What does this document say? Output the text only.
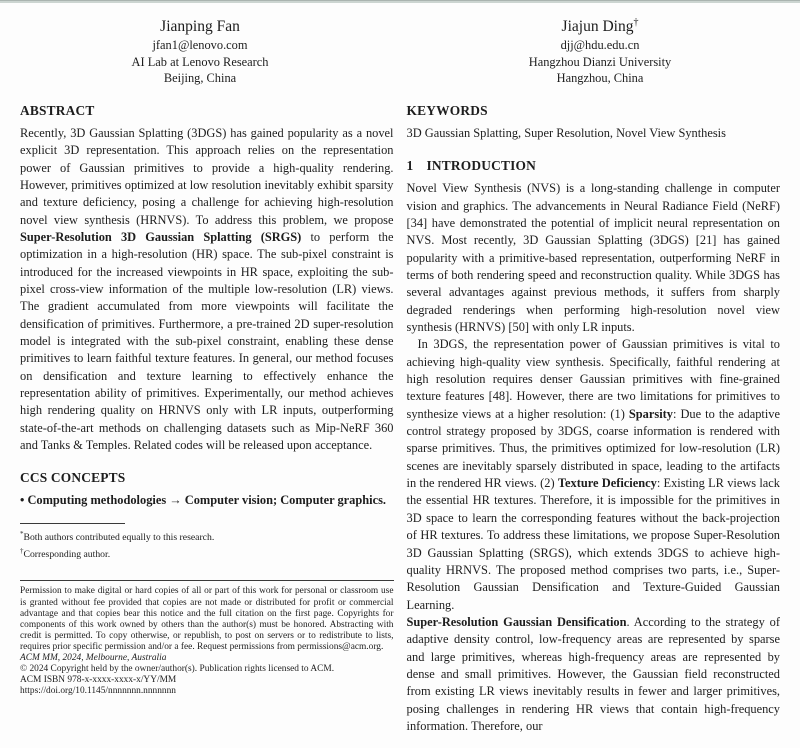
Jianping Fan
jfan1@lenovo.com
AI Lab at Lenovo Research
Beijing, China
Jiajun Ding†
djj@hdu.edu.cn
Hangzhou Dianzi University
Hangzhou, China
ABSTRACT

Recently, 3D Gaussian Splatting (3DGS) has gained popularity as a novel explicit 3D representation. This approach relies on the representation power of Gaussian primitives to provide a high-quality rendering. However, primitives optimized at low resolution inevitably exhibit sparsity and texture deficiency, posing a challenge for achieving high-resolution novel view synthesis (HRNVS). To address this problem, we propose Super-Resolution 3D Gaussian Splatting (SRGS) to perform the optimization in a high-resolution (HR) space. The sub-pixel constraint is introduced for the increased viewpoints in HR space, exploiting the sub-pixel cross-view information of the multiple low-resolution (LR) views. The gradient accumulated from more viewpoints will facilitate the densification of primitives. Furthermore, a pre-trained 2D super-resolution model is integrated with the sub-pixel constraint, enabling these dense primitives to learn faithful texture features. In general, our method focuses on densification and texture learning to effectively enhance the representation ability of primitives. Experimentally, our method achieves high rendering quality on HRNVS only with LR inputs, outperforming state-of-the-art methods on challenging datasets such as Mip-NeRF 360 and Tanks & Temples. Related codes will be released upon acceptance.

CCS CONCEPTS

• Computing methodologies → Computer vision; Computer graphics.

*Both authors contributed equally to this research.
†Corresponding author.

Permission to make digital or hard copies of all or part of this work for personal or classroom use is granted without fee provided that copies are not made or distributed for profit or commercial advantage and that copies bear this notice and the full citation on the first page. Copyrights for components of this work owned by others than the author(s) must be honored. Abstracting with credit is permitted. To copy otherwise, or republish, to post on servers or to redistribute to lists, requires prior specific permission and/or a fee. Request permissions from permissions@acm.org.

ACM MM, 2024, Melbourne, Australia
© 2024 Copyright held by the owner/author(s). Publication rights licensed to ACM.
ACM ISBN 978-x-xxxx-xxxx-x/YY/MM
https://doi.org/10.1145/nnnnnnn.nnnnnnn
KEYWORDS

3D Gaussian Splatting, Super Resolution, Novel View Synthesis

1 INTRODUCTION

Novel View Synthesis (NVS) is a long-standing challenge in computer vision and graphics. The advancements in Neural Radiance Field (NeRF) [34] have demonstrated the potential of implicit neural representation on NVS. Most recently, 3D Gaussian Splatting (3DGS) [21] has gained popularity with a primitive-based representation, outperforming NeRF in terms of both rendering speed and reconstruction quality. While 3DGS has several advantages against previous methods, it suffers from sharply degraded renderings when performing high-resolution novel view synthesis (HRNVS) [50] with only LR inputs.

In 3DGS, the representation power of Gaussian primitives is vital to achieving high-quality view synthesis. Specifically, faithful rendering at high resolution requires denser Gaussian primitives with fine-grained texture features [48]. However, there are two limitations for primitives to synthesize views at a higher resolution: (1) Sparsity: Due to the adaptive control strategy proposed by 3DGS, coarse information is rendered with sparse primitives. Thus, the primitives optimized for low-resolution (LR) scenes are inevitably sparsely distributed in space, leading to the artifacts in the rendered HR views. (2) Texture Deficiency: Existing LR views lack the essential HR textures. Therefore, it is impossible for the primitives in 3D space to learn the corresponding features without the back-projection of HR textures. To address these limitations, we propose Super-Resolution 3D Gaussian Splatting (SRGS), which extends 3DGS to achieve high-quality HRNVS. The proposed method comprises two parts, i.e., Super-Resolution Gaussian Densification and Texture-Guided Gaussian Learning.

Super-Resolution Gaussian Densification. According to the strategy of adaptive density control, low-frequency areas are represented by sparse and large primitives, whereas high-frequency areas are represented by dense and small primitives. However, the Gaussian field reconstructed from existing LR views inevitably results in fewer and larger primitives, posing challenges in rendering HR views that contain high-frequency information. Therefore, our
